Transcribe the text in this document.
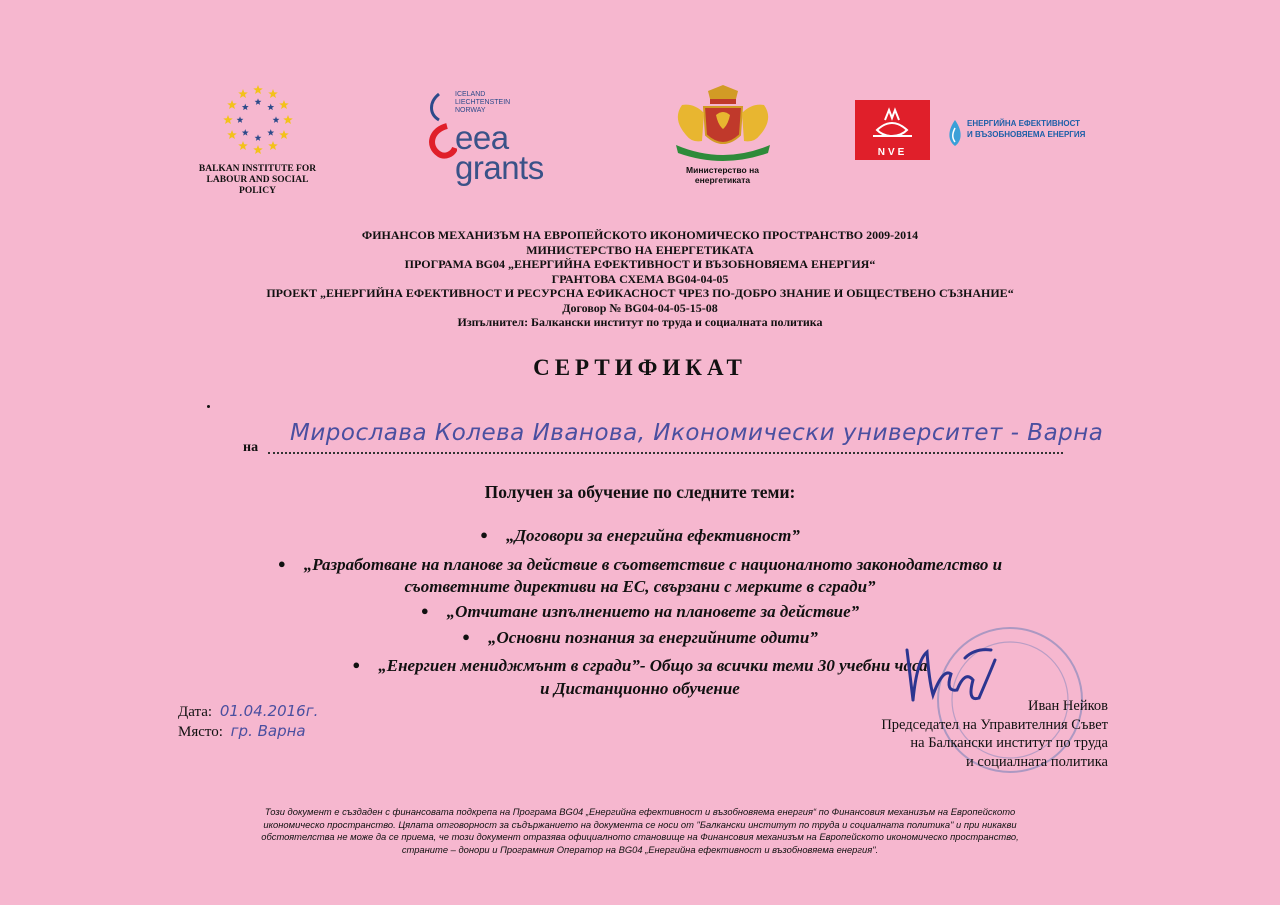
BALKAN INSTITUTE FOR
LABOUR AND SOCIAL
POLICY
ICELAND
LIECHTENSTEIN
NORWAY
eea
grants	Министерство на
енергетиката
NVE
ЕНЕРГИЙНА ЕФЕКТИВНОСТ
И ВЪЗОБНОВЯЕМА ЕНЕРГИЯ
ФИНАНСОВ МЕХАНИЗЪМ НА ЕВРОПЕЙСКОТО ИКОНОМИЧЕСКО ПРОСТРАНСТВО 2009-2014
МИНИСТЕРСТВО НА ЕНЕРГЕТИКАТА
ПРОГРАМА BG04 „ЕНЕРГИЙНА ЕФЕКТИВНОСТ И ВЪЗОБНОВЯЕМА ЕНЕРГИЯ“
ГРАНТОВА СХЕМА BG04-04-05
ПРОЕКТ „ЕНЕРГИЙНА ЕФЕКТИВНОСТ И РЕСУРСНА ЕФИКАСНОСТ ЧРЕЗ ПО-ДОБРО ЗНАНИЕ И ОБЩЕСТВЕНО СЪЗНАНИЕ“
Договор № BG04-04-05-15-08
Изпълнител: Балкански институт по труда и социалната политика
СЕРТИФИКАТ
на
Мирослава Колева Иванова, Икономически университет - Варна
Получен за обучение по следните теми:
● „Договори за енергийна ефективност”
● „Разработване на планове за действие в съответствие с националното законодателство и
съответните директиви на ЕС, свързани с мерките в сгради”
● „Отчитане изпълнението на плановете за действие”
● „Основни познания за енергийните одити”
● „Енергиен мениджмънт в сгради”- Общо за всички теми 30 учебни часа
и Дистанционно обучение
Дата: 01.04.2016г.
Място: гр. Варна
Иван Нейков
Председател на Управителния Съвет
на Балкански институт по труда
и социалната политика
Този документ е създаден с финансовата подкрепа на Програма BG04 „Енергийна ефективност и възобновяема енергия“ по Финансовия механизъм на Европейското
икономическо пространство. Цялата отговорност за съдържанието на документа се носи от "Балкански институт по труда и социалната политика" и при никакви
обстоятелства не може да се приема, че този документ отразява официалното становище на Финансовия механизъм на Европейското икономическо пространство,
страните – донори и Програмния Оператор на BG04 „Енергийна ефективност и възобновяема енергия".
